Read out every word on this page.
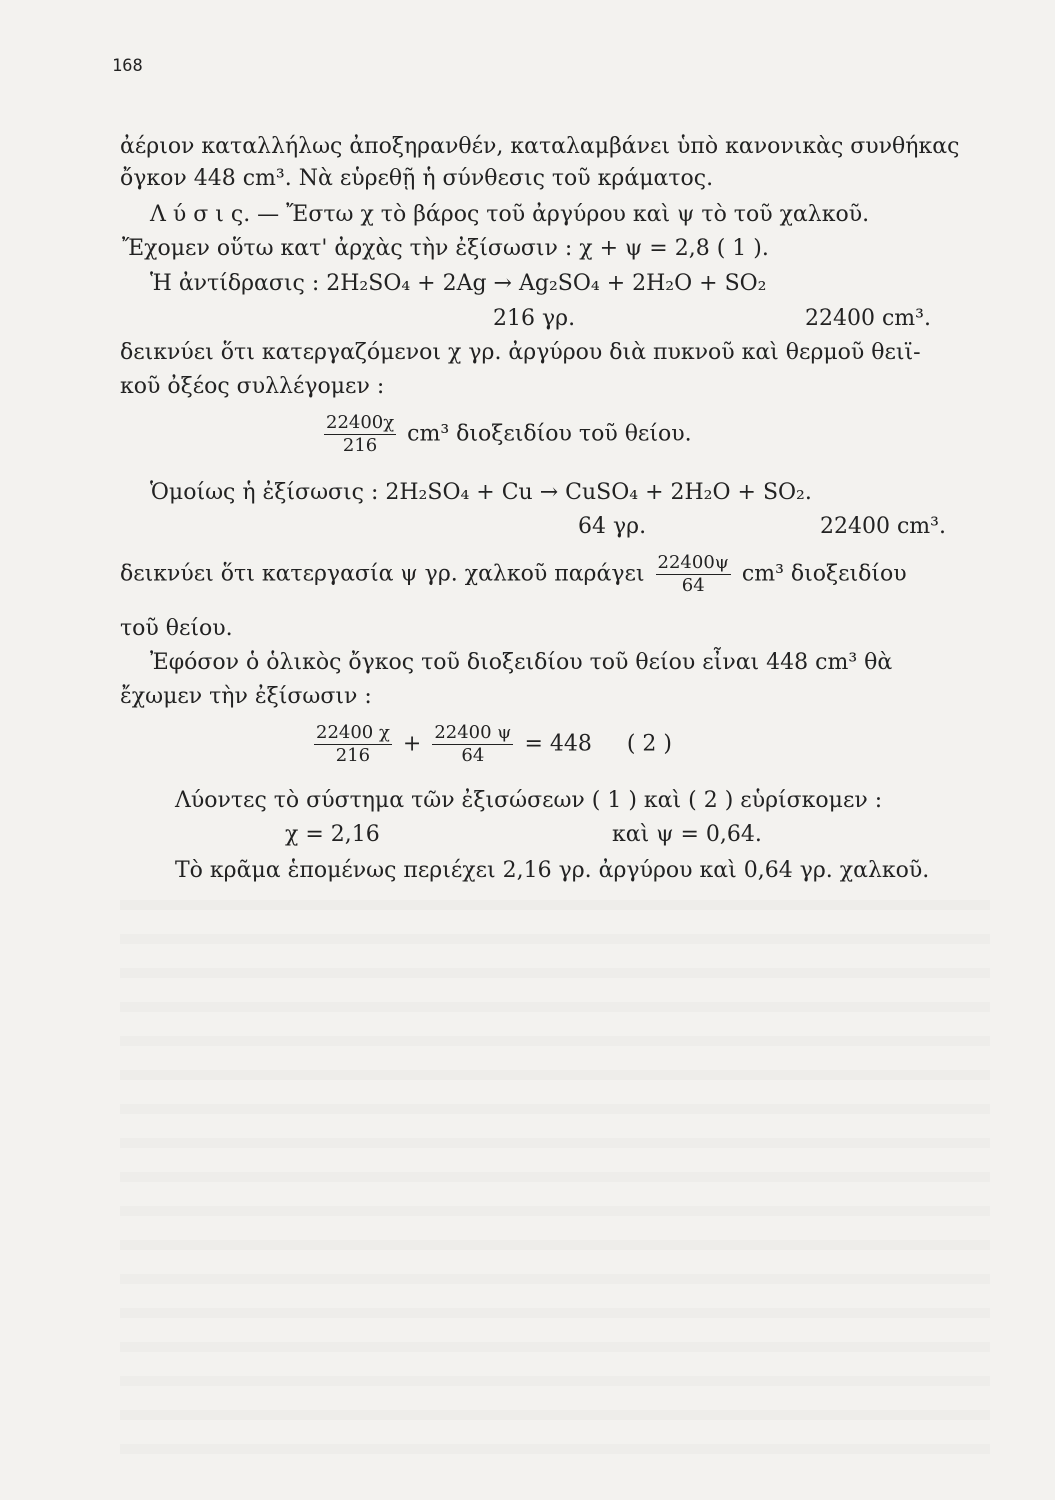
168
ἀέριον καταλλήλως ἀποξηρανθέν, καταλαμβάνει ὑπὸ κανονικὰς συνθήκας
ὄγκον 448 cm³. Νὰ εὑρεθῇ ἡ σύνθεσις τοῦ κράματος.
Λ ύ σ ι ς. — Ἔστω χ τὸ βάρος τοῦ ἀργύρου καὶ ψ τὸ τοῦ χαλκοῦ.
Ἔχομεν οὕτω κατ' ἀρχὰς τὴν ἐξίσωσιν : χ + ψ = 2,8 ( 1 ).
Ἡ ἀντίδρασις : 2H₂SO₄ + 2Ag → Ag₂SO₄ + 2H₂O + SO₂
216 γρ.	22400 cm³.
δεικνύει ὅτι κατεργαζόμενοι χ γρ. ἀργύρου διὰ πυκνοῦ καὶ θερμοῦ θειϊ-
κοῦ ὀξέος συλλέγομεν :
$\frac{22400\chi}{216} cm^3$ διοξειδίου τοῦ θείου.
Ὁμοίως ἡ ἐξίσωσις : 2H₂SO₄ + Cu → CuSO₄ + 2H₂O + SO₂.
64 γρ.	22400 cm³.
δεικνύει ὅτι κατεργασία ψ γρ. χαλκοῦ παράγει $\frac{22400\psi}{64} cm^3$ διοξειδίου
τοῦ θείου.
Ἐφόσον ὁ ὁλικὸς ὄγκος τοῦ διοξειδίου τοῦ θείου εἶναι 448 cm³ θὰ
ἔχωμεν τὴν ἐξίσωσιν :
$\frac{22400 \chi}{216} + \frac{22400 \psi}{64} = 448$     ( 2 )
Λύοντες τὸ σύστημα τῶν ἐξισώσεων ( 1 ) καὶ ( 2 ) εὑρίσκομεν :
χ = 2,16	καὶ ψ = 0,64.
Τὸ κρᾶμα ἑπομένως περιέχει 2,16 γρ. ἀργύρου καὶ 0,64 γρ. χαλκοῦ.
